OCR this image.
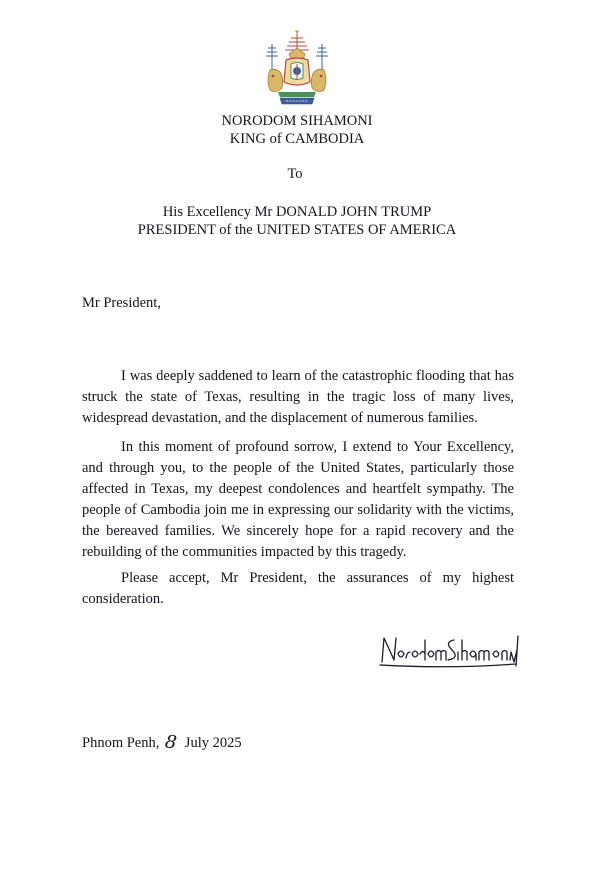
NORODOM SIHAMONI
KING of CAMBODIA
To
His Excellency Mr DONALD JOHN TRUMP
PRESIDENT of the UNITED STATES OF AMERICA
Mr President,

I was deeply saddened to learn of the catastrophic flooding that has struck the state of Texas, resulting in the tragic loss of many lives, widespread devastation, and the displacement of numerous families.

In this moment of profound sorrow, I extend to Your Excellency, and through you, to the people of the United States, particularly those affected in Texas, my deepest condolences and heartfelt sympathy. The people of Cambodia join me in expressing our solidarity with the victims, the bereaved families. We sincerely hope for a rapid recovery and the rebuilding of the communities impacted by this tragedy.

Please accept, Mr President, the assurances of my highest consideration.

Phnom Penh, 8 July 2025
